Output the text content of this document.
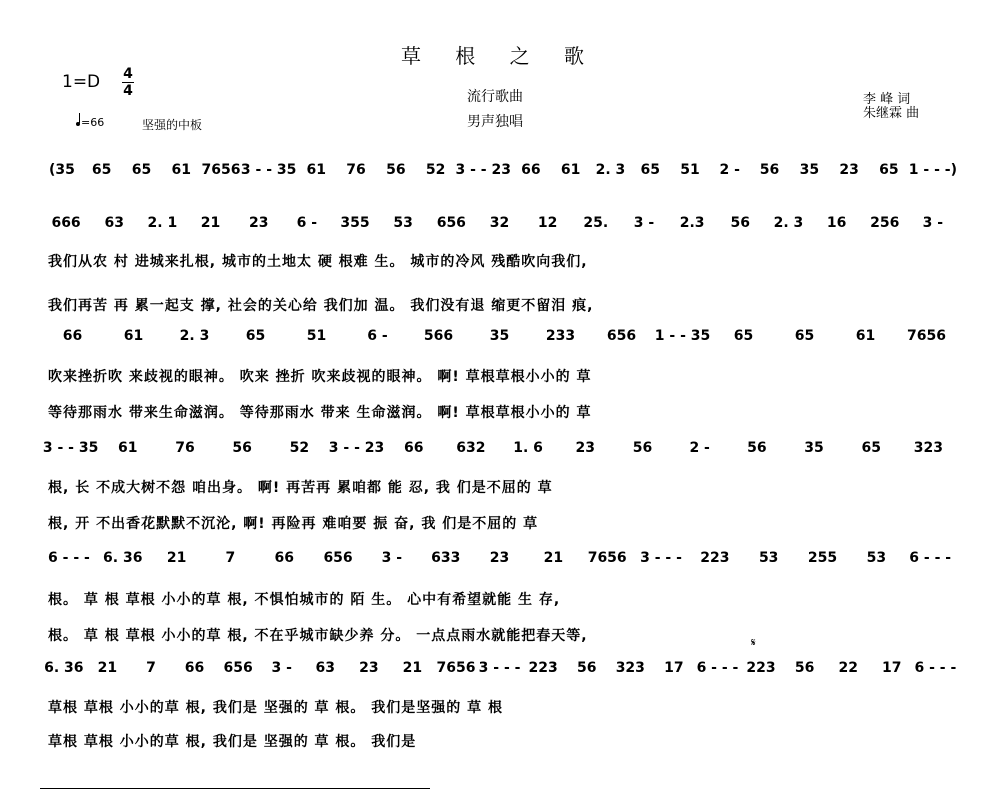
草 根 之 歌
1=D 4
4
=66	坚强的中板
流行歌曲
男声独唱
李 峰 词
朱继霖 曲
(35	65	65	61 7656 3 - - 35 61	76	56	52 3 - - 23 66	61	2. 3	65	51	2 -	56	35	23	65 1 - - -)
666	63	2. 1	21	23	6 -	355	53	656	32	12	25.	3 -	2.3	56	2. 3	16	256	3 -
我们从农 村 进城来扎根, 城市的土地太 硬 根难 生。 城市的冷风 残酷吹向我们,
我们再苦 再 累一起支 撑, 社会的关心给 我们加 温。 我们没有退 缩更不留泪 痕,
66	61	2. 3	65	51	6 -	566	35	233	656	1 - - 35	65	65	61	7656
吹来挫折吹 来歧视的眼神。 吹来 挫折 吹来歧视的眼神。 啊! 草根草根小小的 草
等待那雨水 带来生命滋润。 等待那雨水 带来 生命滋润。 啊! 草根草根小小的 草
3 - - 35	61	76	56	52	3 - - 23	66	632	1. 6	23	56	2 -	56	35	65	323
根, 长 不成大树不怨 咱出身。 啊! 再苦再 累咱都 能 忍, 我 们是不屈的 草
根, 开 不出香花默默不沉沦, 啊! 再险再 难咱要 振 奋, 我 们是不屈的 草
6 - - - 6. 36	21	7	66	656	3 -	633	23	21	7656 3 - - -	223	53	255	53	6 - - -
根。 草 根 草根 小小的草 根, 不惧怕城市的 陌 生。 心中有希望就能 生 存,
根。 草 根 草根 小小的草 根, 不在乎城市缺少养 分。 一点点雨水就能把春天等,
6. 36	21	7	66	656	3 -	63	23	21	7656 3 - - - 223	56	323	17 6 - - - 223	56	22	17 6 - - -
草根 草根 小小的草 根, 我们是 坚强的 草 根。 我们是坚强的 草 根
草根 草根 小小的草 根, 我们是 坚强的 草 根。 我们是
𝄋
